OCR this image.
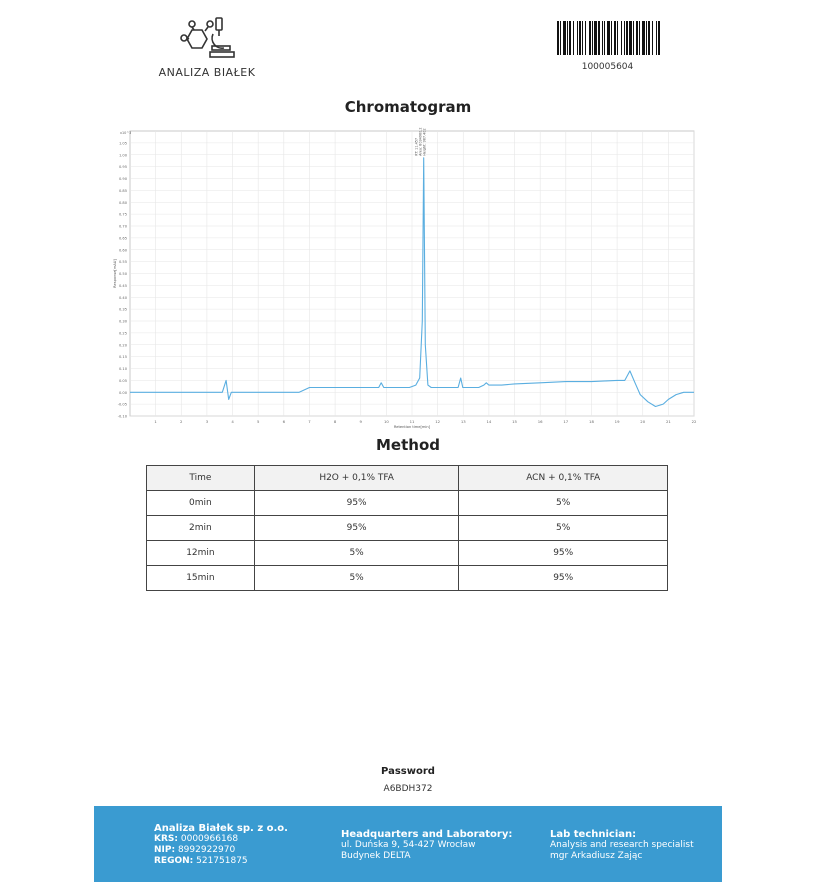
ANALIZA BIAŁEK	100005604
Chromatogram
-0.10
-0.05
0.00
0.05
0.10
0.15
0.20
0.25
0.30
0.35
0.40
0.45
0.50
0.55
0.60
0.65
0.70
0.75
0.80
0.85
0.90
0.95
1.00
1.05
1	2	3	4	5	6	7	8	9	10	11	12	13	14	15	16	17	18	19	20	21	22
x10^3
Retention time[min]
Response[mAU]
RT: 11.457 Area: 8034980.2 Height: 987.402
Method
Time	H2O + 0,1% TFA	ACN + 0,1% TFA
0min	95%	5%
2min	95%	5%
12min	5%	95%
15min	5%	95%
Password
A6BDH372
Analiza Białek sp. z o.o.
KRS: 0000966168
NIP: 8992922970
REGON: 521751875
Headquarters and Laboratory:
ul. Duńska 9, 54-427 Wrocław
Budynek DELTA
Lab technician:
Analysis and research specialist
mgr Arkadiusz Zając
